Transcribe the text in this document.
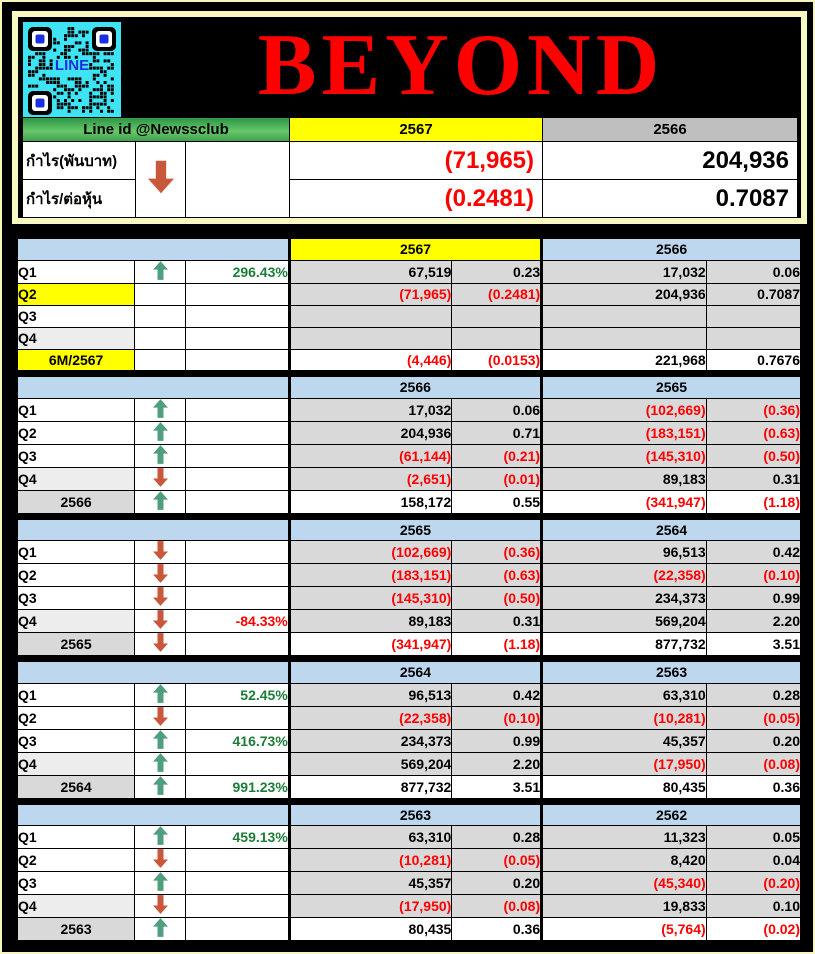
LINE	BEYOND
Line id @Newssclub			2567	2566
กำไร(พันบาท)			(71,965)	204,936
กำไร/ต่อหุ้น			(0.2481)	0.7087
			2567		2566	
Q1		296.43%	67,519	0.23	17,032	0.06
Q2			(71,965)	(0.2481)	204,936	0.7087
Q3						
Q4						
6M/2567			(4,446)	(0.0153)	221,968	0.7676
			2566		2565	
Q1			17,032	0.06	(102,669)	(0.36)
Q2			204,936	0.71	(183,151)	(0.63)
Q3			(61,144)	(0.21)	(145,310)	(0.50)
Q4			(2,651)	(0.01)	89,183	0.31
2566			158,172	0.55	(341,947)	(1.18)
			2565		2564	
Q1			(102,669)	(0.36)	96,513	0.42
Q2			(183,151)	(0.63)	(22,358)	(0.10)
Q3			(145,310)	(0.50)	234,373	0.99
Q4		-84.33%	89,183	0.31	569,204	2.20
2565			(341,947)	(1.18)	877,732	3.51
			2564		2563	
Q1		52.45%	96,513	0.42	63,310	0.28
Q2			(22,358)	(0.10)	(10,281)	(0.05)
Q3		416.73%	234,373	0.99	45,357	0.20
Q4			569,204	2.20	(17,950)	(0.08)
2564		991.23%	877,732	3.51	80,435	0.36
			2563		2562	
Q1		459.13%	63,310	0.28	11,323	0.05
Q2			(10,281)	(0.05)	8,420	0.04
Q3			45,357	0.20	(45,340)	(0.20)
Q4			(17,950)	(0.08)	19,833	0.10
2563			80,435	0.36	(5,764)	(0.02)
